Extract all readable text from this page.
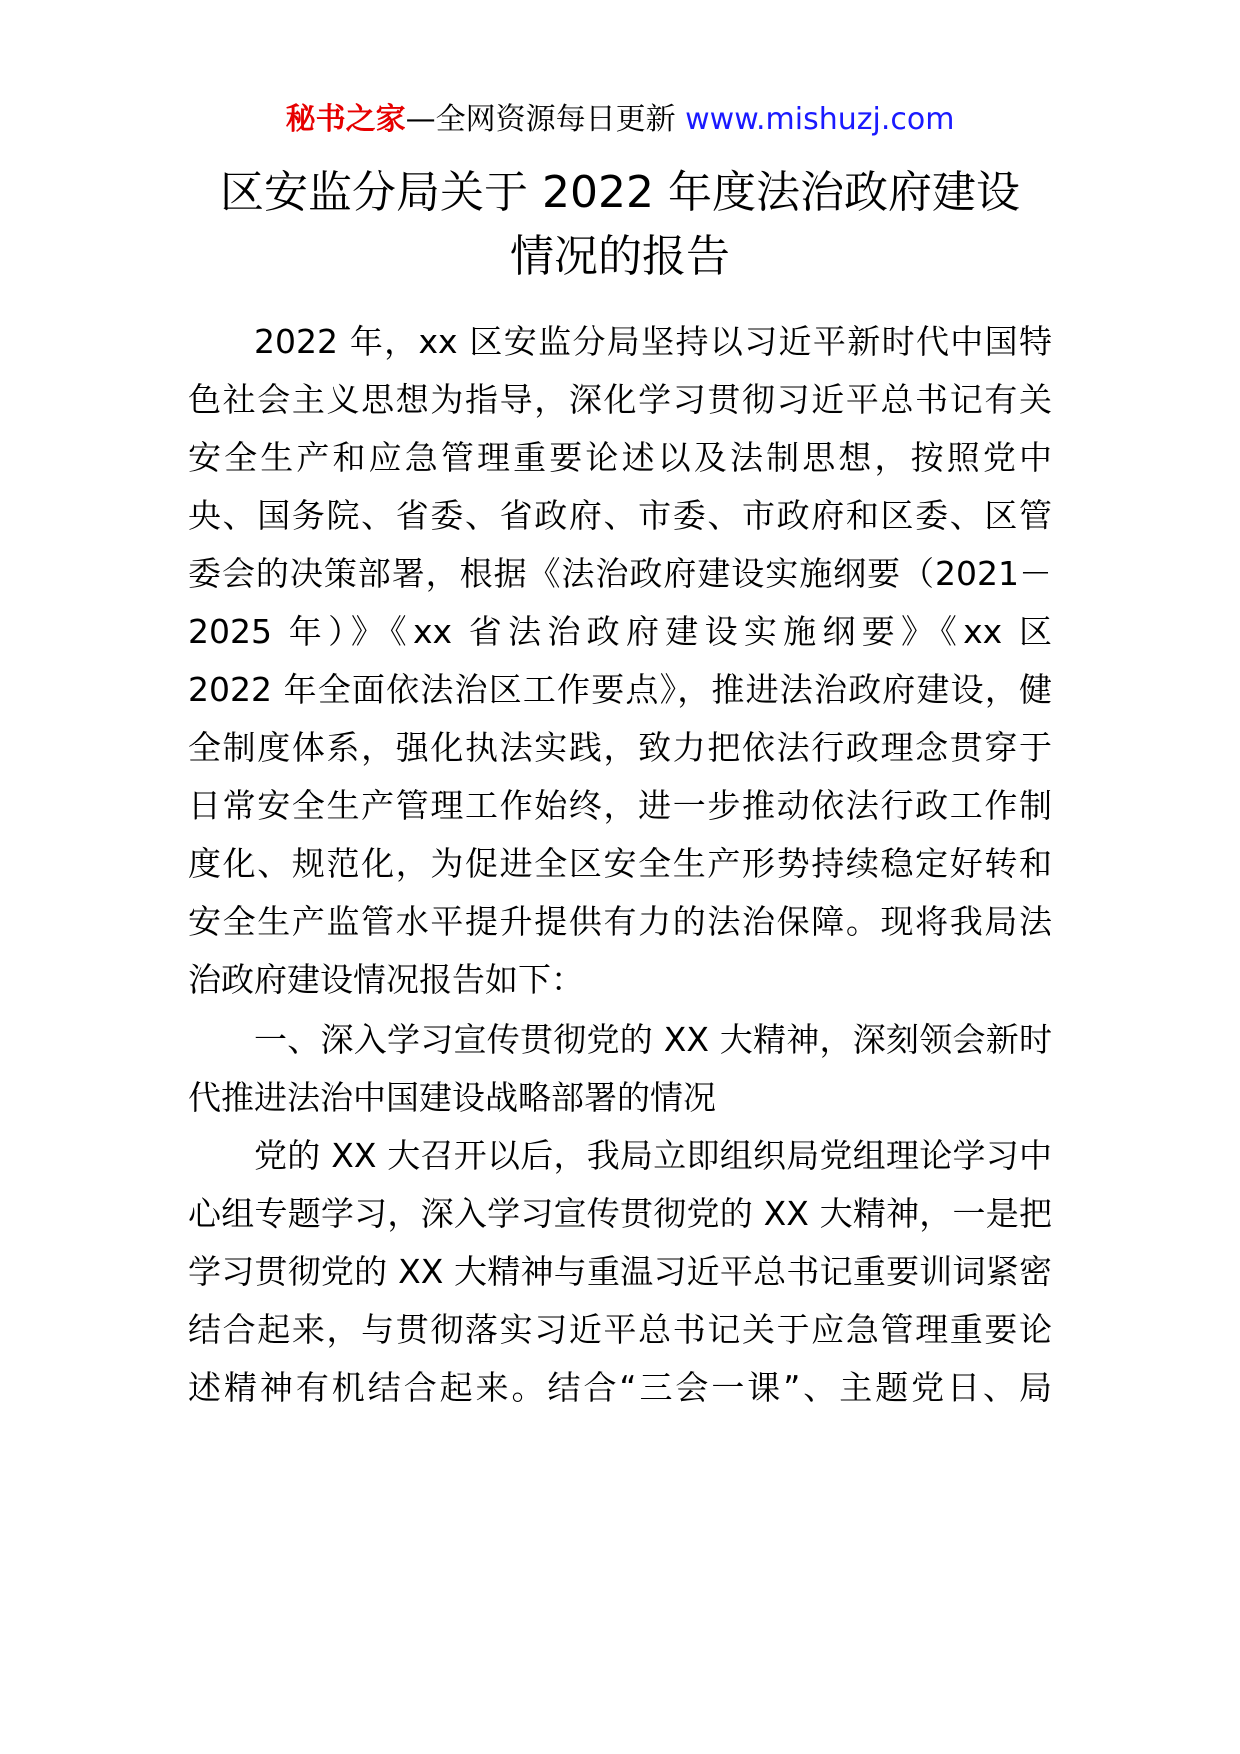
秘书之家—全网资源每日更新 www.mishuzj.com
区安监分局关于 2022 年度法治政府建设
情况的报告
2022 年，xx 区安监分局坚持以习近平新时代中国特
色社会主义思想为指导，深化学习贯彻习近平总书记有关
安全生产和应急管理重要论述以及法制思想，按照党中
央、国务院、省委、省政府、市委、市政府和区委、区管
委会的决策部署，根据《法治政府建设实施纲要（2021－
2025 年）》《xx 省法治政府建设实施纲要》《xx 区
2022 年全面依法治区工作要点》，推进法治政府建设，健
全制度体系，强化执法实践，致力把依法行政理念贯穿于
日常安全生产管理工作始终，进一步推动依法行政工作制
度化、规范化，为促进全区安全生产形势持续稳定好转和
安全生产监管水平提升提供有力的法治保障。现将我局法
治政府建设情况报告如下：
一、深入学习宣传贯彻党的 XX 大精神，深刻领会新时
代推进法治中国建设战略部署的情况
党的 XX 大召开以后，我局立即组织局党组理论学习中
心组专题学习，深入学习宣传贯彻党的 XX 大精神，一是把
学习贯彻党的 XX 大精神与重温习近平总书记重要训词紧密
结合起来，与贯彻落实习近平总书记关于应急管理重要论
述精神有机结合起来。结合“三会一课”、主题党日、局
